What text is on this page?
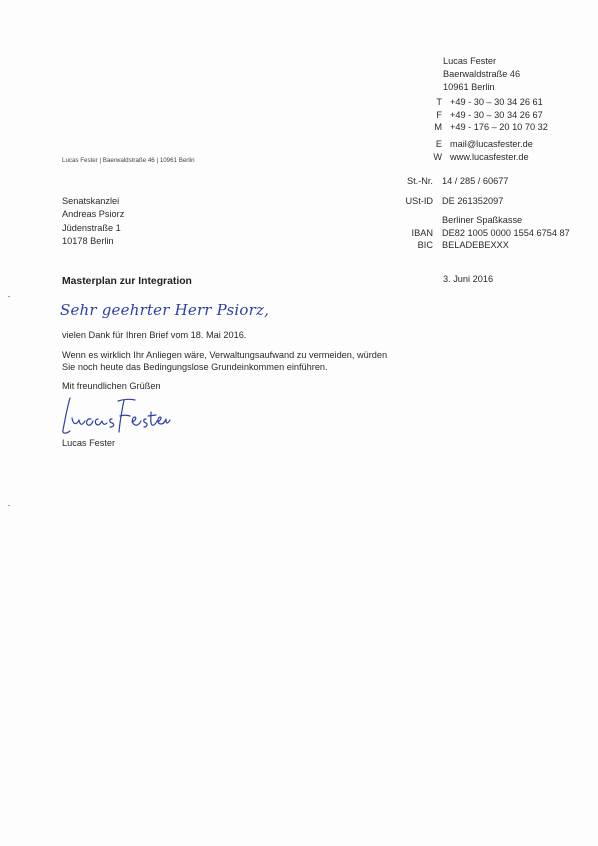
Lucas Fester
Baerwaldstraße 46
10961 Berlin
T	+49 - 30 – 30 34 26 61
F	+49 - 30 – 30 34 26 67
M	+49 - 176 – 20 10 70 32
E	mail@lucasfester.de
W	www.lucasfester.de
St.-Nr.	14 / 285 / 60677
USt-ID	DE 261352097
	Berliner Spaßkasse
IBAN	DE82 1005 0000 1554 6754 87
BIC	BELADEBEXXX
Lucas Fester | Baerwaldstraße 46 | 10961 Berlin
Senatskanzlei
Andreas Psiorz
Jüdenstraße 1
10178 Berlin
Masterplan zur Integration	3. Juni 2016
Sehr geehrter Herr Psiorz,
vielen Dank für Ihren Brief vom 18. Mai 2016.
Wenn es wirklich Ihr Anliegen wäre, Verwaltungsaufwand zu vermeiden, würden
Sie noch heute das Bedingungslose Grundeinkommen einführen.
Mit freundlichen Grüßen
Lucas Fester
